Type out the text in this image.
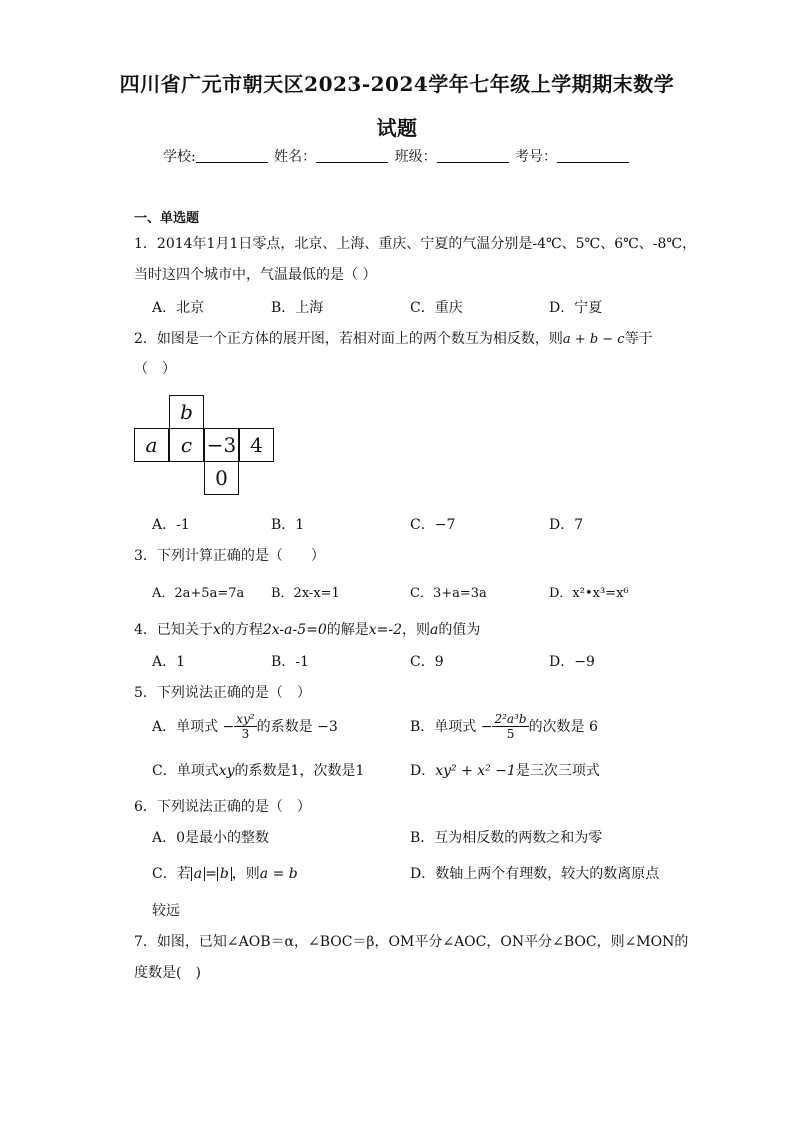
四川省广元市朝天区2023-2024学年七年级上学期期末数学
试题
学校:	姓名：	班级：	考号：
一、单选题
1．2014年1月1日零点，北京、上海、重庆、宁夏的气温分别是-4℃、5℃、6℃、-8℃，
当时这四个城市中，气温最低的是（ ）
A．北京	B．上海	C．重庆	D．宁夏
2．如图是一个正方体的展开图，若相对面上的两个数互为相反数，则a + b − c等于
（　）
b
a	c −3 4
0
A．-1	B．1	C．−7	D．7
3．下列计算正确的是（　　）
A．2a+5a=7a B．2x-x=1	C．3+a=3a	D．x²•x³=x⁶
4．已知关于x的方程2x-a-5=0的解是x=-2，则a的值为
A．1	B．-1	C．9	D．−9
5．下列说法正确的是（　）
A．单项式 − $\frac{\text{xy²}}{3}$ 的系数是 −3	B．单项式 − $\frac{\text{2²a³b}}{5}$ 的次数是 6
C．单项式xy的系数是1，次数是1	D．xy² + x² −1是三次三项式
6．下列说法正确的是（　）
A．0是最小的整数	B．互为相反数的两数之和为零
C．若 a = b ，则a = b	D．数轴上两个有理数，较大的数离原点
较远
7．如图，已知∠AOB＝α，∠BOC＝β，OM平分∠AOC，ON平分∠BOC，则∠MON的
度数是(　)
